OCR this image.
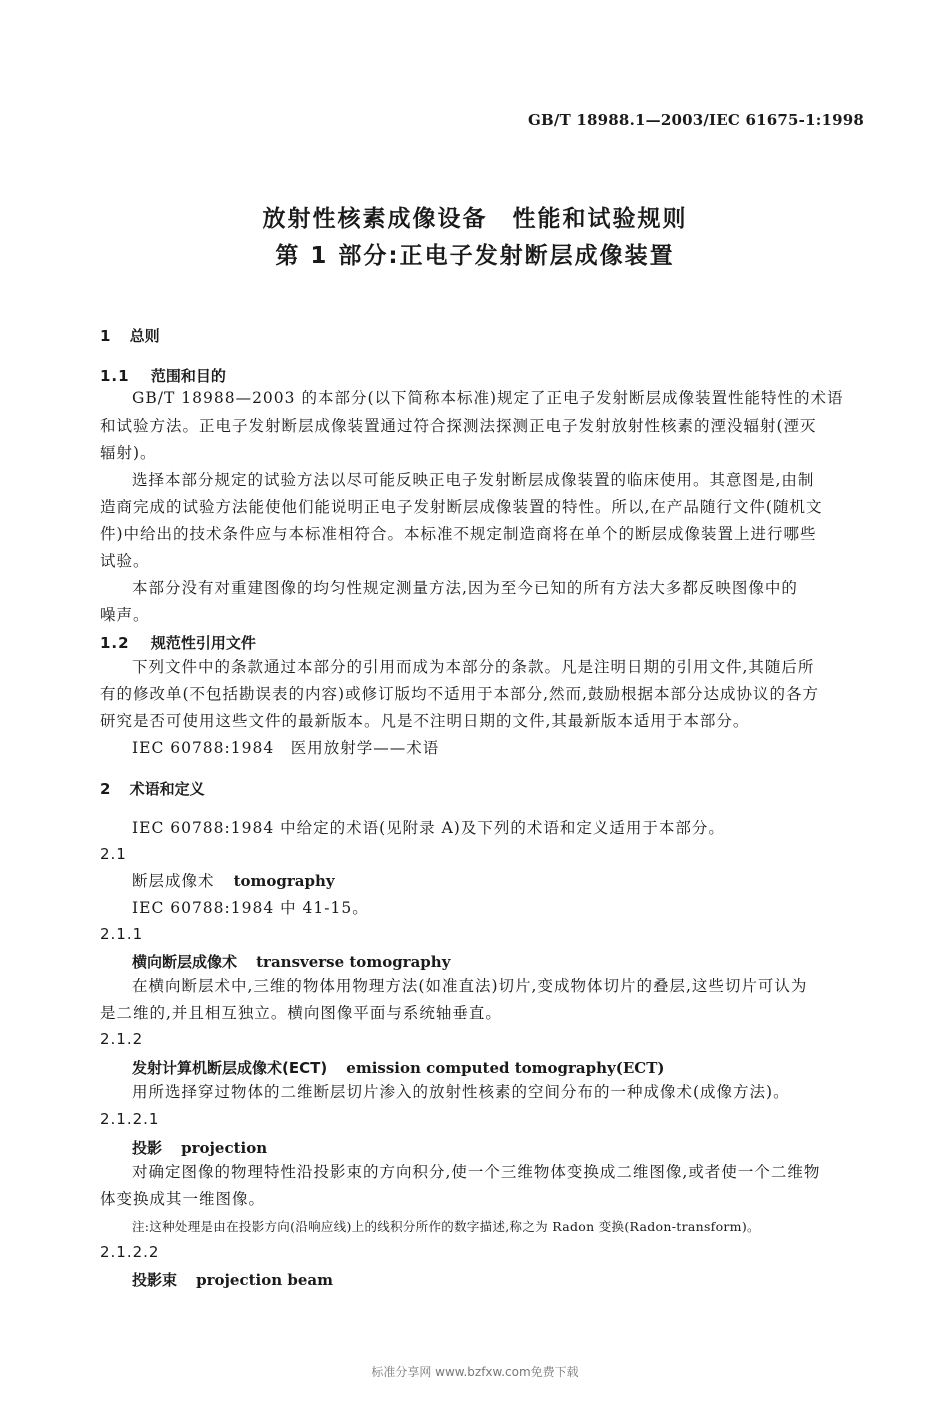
GB/T 18988.1—2003/IEC 61675-1:1998
放射性核素成像设备　性能和试验规则
第 1 部分:正电子发射断层成像装置
1 总则
1.1 范围和目的
GB/T 18988—2003 的本部分(以下简称本标准)规定了正电子发射断层成像装置性能特性的术语
和试验方法。正电子发射断层成像装置通过符合探测法探测正电子发射放射性核素的湮没辐射(湮灭
辐射)。
选择本部分规定的试验方法以尽可能反映正电子发射断层成像装置的临床使用。其意图是,由制
造商完成的试验方法能使他们能说明正电子发射断层成像装置的特性。所以,在产品随行文件(随机文
件)中给出的技术条件应与本标准相符合。本标准不规定制造商将在单个的断层成像装置上进行哪些
试验。
本部分没有对重建图像的均匀性规定测量方法,因为至今已知的所有方法大多都反映图像中的
噪声。
1.2 规范性引用文件
下列文件中的条款通过本部分的引用而成为本部分的条款。凡是注明日期的引用文件,其随后所
有的修改单(不包括勘误表的内容)或修订版均不适用于本部分,然而,鼓励根据本部分达成协议的各方
研究是否可使用这些文件的最新版本。凡是不注明日期的文件,其最新版本适用于本部分。
IEC 60788:1984　医用放射学——术语
2 术语和定义
IEC 60788:1984 中给定的术语(见附录 A)及下列的术语和定义适用于本部分。
2.1
断层成像术 tomography
IEC 60788:1984 中 41-15。
2.1.1
横向断层成像术 transverse tomography
在横向断层术中,三维的物体用物理方法(如准直法)切片,变成物体切片的叠层,这些切片可认为
是二维的,并且相互独立。横向图像平面与系统轴垂直。
2.1.2
发射计算机断层成像术(ECT) emission computed tomography(ECT)
用所选择穿过物体的二维断层切片渗入的放射性核素的空间分布的一种成像术(成像方法)。
2.1.2.1
投影 projection
对确定图像的物理特性沿投影束的方向积分,使一个三维物体变换成二维图像,或者使一个二维物
体变换成其一维图像。
注:这种处理是由在投影方向(沿响应线)上的线积分所作的数字描述,称之为 Radon 变换(Radon-transform)。
2.1.2.2
投影束 projection beam
标准分享网 www.bzfxw.com免费下载
